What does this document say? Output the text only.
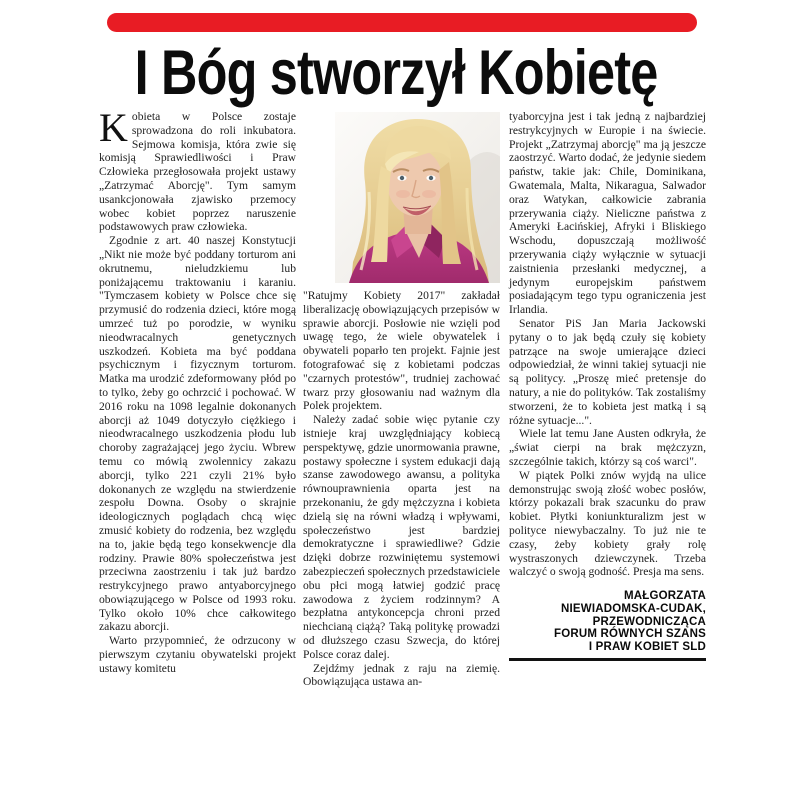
I Bóg stworzył Kobietę

Kobieta w Polsce zostaje sprowadzona do roli inkubatora. Sejmowa komisja, która zwie się komisją Sprawiedliwości i Praw Człowieka przegłosowała projekt ustawy „Zatrzymać Aborcję". Tym samym usankcjonowała zjawisko przemocy wobec kobiet poprzez naruszenie podstawowych praw człowieka.

Zgodnie z art. 40 naszej Konstytucji „Nikt nie może być poddany torturom ani okrutnemu, nieludzkiemu lub poniżającemu traktowaniu i karaniu. "Tymczasem kobiety w Polsce chce się przymusić do rodzenia dzieci, które mogą umrzeć tuż po porodzie, w wyniku nieodwracalnych genetycznych uszkodzeń. Kobieta ma być poddana psychicznym i fizycznym torturom. Matka ma urodzić zdeformowany płód po to tylko, żeby go ochrzcić i pochować. W 2016 roku na 1098 legalnie dokonanych aborcji aż 1049 dotyczyło ciężkiego i nieodwracalnego uszkodzenia płodu lub choroby zagrażającej jego życiu. Wbrew temu co mówią zwolennicy zakazu aborcji, tylko 221 czyli 21% było dokonanych ze względu na stwierdzenie zespołu Downa. Osoby o skrajnie ideologicznych poglądach chcą więc zmusić kobiety do rodzenia, bez względu na to, jakie będą tego konsekwencje dla rodziny. Prawie 80% społeczeństwa jest przeciwna zaostrzeniu i tak już bardzo restrykcyjnego prawo antyaborcyjnego obowiązującego w Polsce od 1993 roku. Tylko około 10% chce całkowitego zakazu aborcji.

Warto przypomnieć, że odrzucony w pierwszym czytaniu obywatelski projekt ustawy komitetu

"Ratujmy Kobiety 2017" zakładał liberalizację obowiązujących przepisów w sprawie aborcji. Posłowie nie wzięli pod uwagę tego, że wiele obywatelek i obywateli poparło ten projekt. Fajnie jest fotografować się z kobietami podczas "czarnych protestów", trudniej zachować twarz przy głosowaniu nad ważnym dla Polek projektem.

Należy zadać sobie więc pytanie czy istnieje kraj uwzględniający kobiecą perspektywę, gdzie unormowania prawne, postawy społeczne i system edukacji dają szanse zawodowego awansu, a polityka równouprawnienia oparta jest na przekonaniu, że gdy mężczyzna i kobieta dzielą się na równi władzą i wpływami, społeczeństwo jest bardziej demokratyczne i sprawiedliwe? Gdzie dzięki dobrze rozwiniętemu systemowi zabezpieczeń społecznych przedstawiciele obu płci mogą łatwiej godzić pracę zawodowa z życiem rodzinnym? A bezpłatna antykoncepcja chroni przed niechcianą ciążą? Taką politykę prowadzi od dłuższego czasu Szwecja, do której Polsce coraz dalej.

Zejdźmy jednak z raju na ziemię. Obowiązująca ustawa an-

tyaborcyjna jest i tak jedną z najbardziej restrykcyjnych w Europie i na świecie. Projekt „Zatrzymaj aborcję" ma ją jeszcze zaostrzyć. Warto dodać, że jedynie siedem państw, takie jak: Chile, Dominikana, Gwatemala, Malta, Nikaragua, Salwador oraz Watykan, całkowicie zabrania przerywania ciąży. Nieliczne państwa z Ameryki Łacińskiej, Afryki i Bliskiego Wschodu, dopuszczają możliwość przerywania ciąży wyłącznie w sytuacji zaistnienia przesłanki medycznej, a jedynym europejskim państwem posiadającym tego typu ograniczenia jest Irlandia.

Senator PiS Jan Maria Jackowski pytany o to jak będą czuły się kobiety patrzące na swoje umierające dzieci odpowiedział, że winni takiej sytuacji nie są politycy. „Proszę mieć pretensje do natury, a nie do polityków. Tak zostaliśmy stworzeni, że to kobieta jest matką i są różne sytuacje...".

Wiele lat temu Jane Austen odkryła, że „świat cierpi na brak mężczyzn, szczególnie takich, którzy są coś warci".

W piątek Polki znów wyjdą na ulice demonstrując swoją złość wobec posłów, którzy pokazali brak szacunku do praw kobiet. Płytki koniunkturalizm jest w polityce niewybaczalny. To już nie te czasy, żeby kobiety grały rolę wystraszonych dziewczynek. Trzeba walczyć o swoją godność. Presja ma sens.

MAŁGORZATA
NIEWIADOMSKA-CUDAK,
PRZEWODNICZĄCA
FORUM RÓWNYCH SZANS
I PRAW KOBIET SLD
